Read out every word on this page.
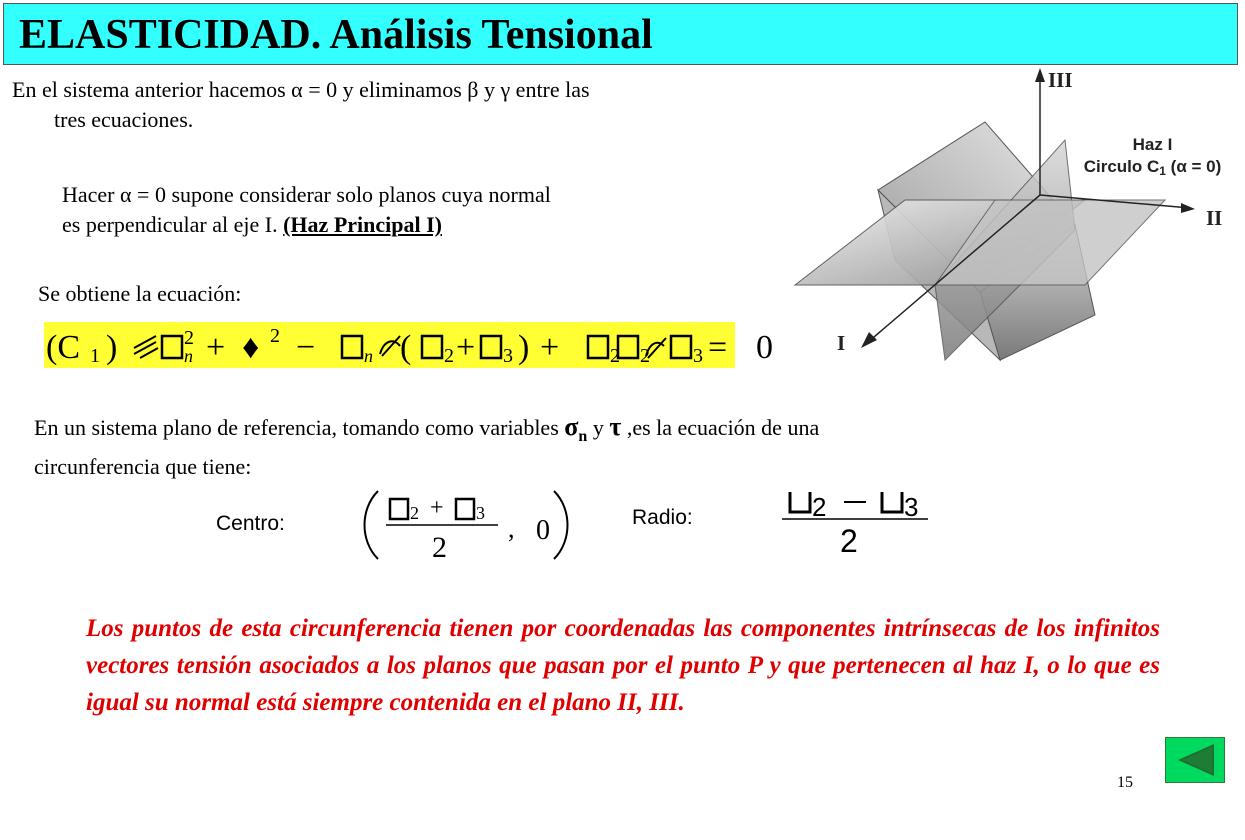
ELASTICIDAD. Análisis Tensional
En el sistema anterior hacemos α = 0 y eliminamos β y γ entre las
tres ecuaciones.
Hacer α = 0 supone considerar solo planos cuya normal
es perpendicular al eje I. (Haz Principal I)
Se obtiene la ecuación:
(C 1 )	2
n + ♦ 2 −	n ( 2 + 3 ) +	.
.
2 3
.	= 0
2
En un sistema plano de referencia, tomando como variables $\sigma_n$ y τ ,es la ecuación de una
circunferencia que tiene:
Centro:	2 + 3
2
, 0	Radio:	2	3
2
Los puntos de esta circunferencia tienen por coordenadas las componentes intrínsecas de los infinitos vectores tensión asociados a los planos que pasan por el punto P y que pertenecen al haz I, o lo que es igual su normal está siempre contenida en el plano II, III.
III
II
I
Haz I
Circulo C1 (α = 0)
15
